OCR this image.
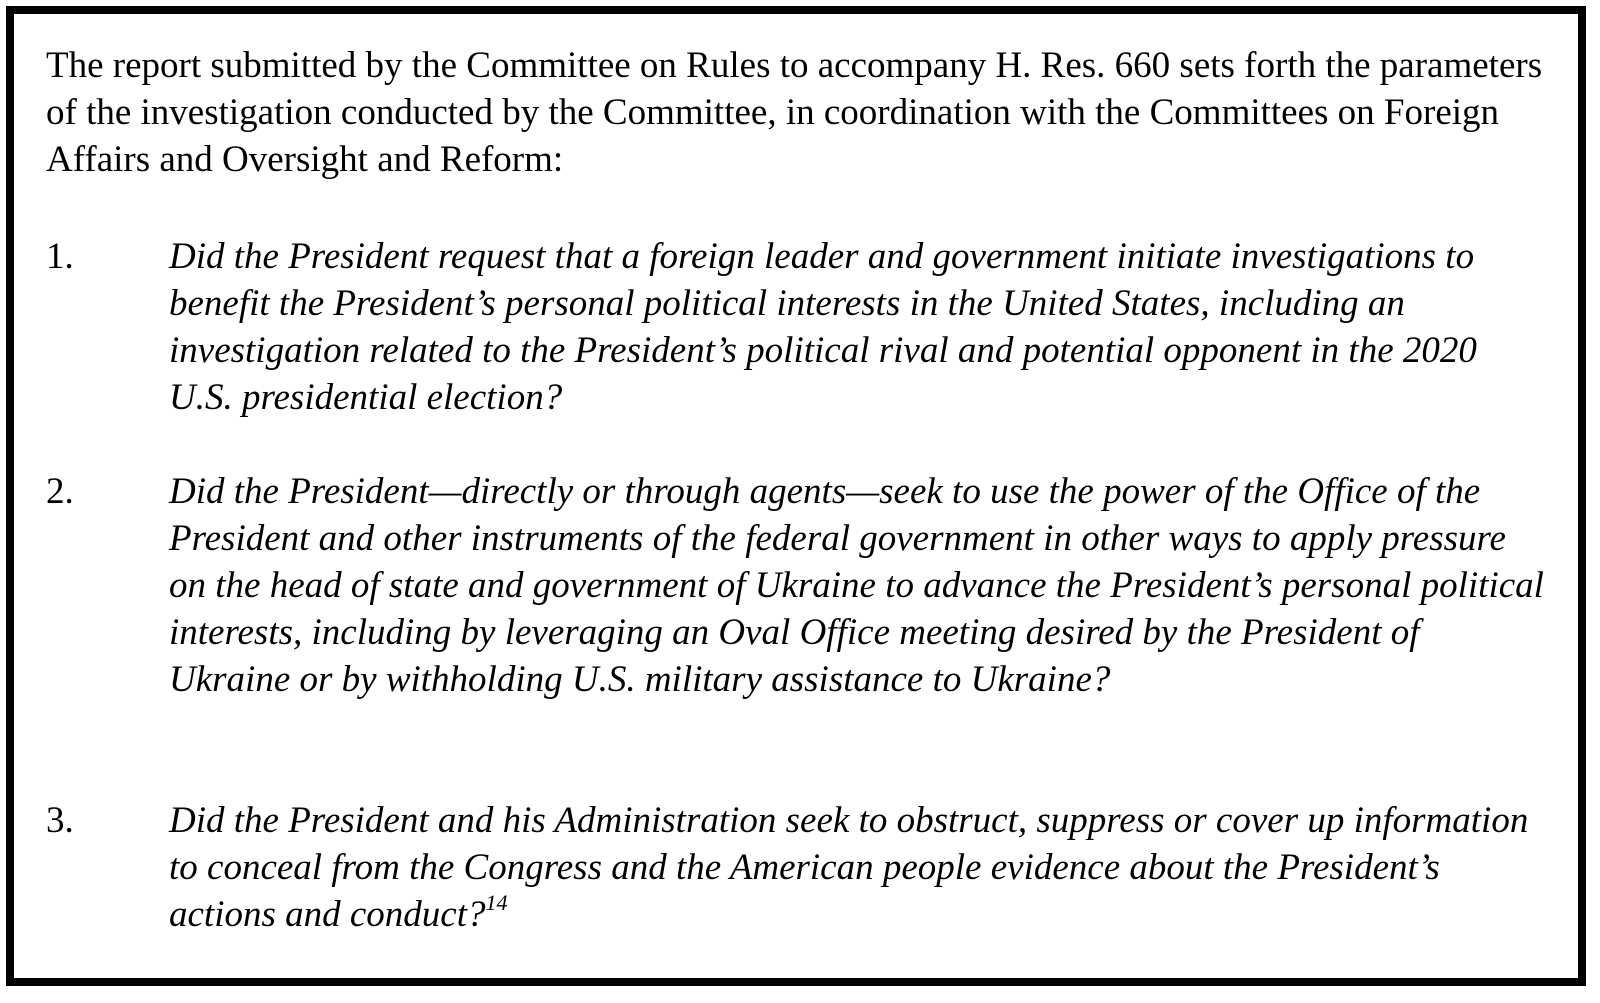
The report submitted by the Committee on Rules to accompany H. Res. 660 sets forth the parameters of the investigation conducted by the Committee, in coordination with the Committees on Foreign Affairs and Oversight and Reform:

1.	Did the President request that a foreign leader and government initiate investigations to benefit the President’s personal political interests in the United States, including an investigation related to the President’s political rival and potential opponent in the 2020 U.S. presidential election?

2.	Did the President—directly or through agents—seek to use the power of the Office of the President and other instruments of the federal government in other ways to apply pressure on the head of state and government of Ukraine to advance the President’s personal political interests, including by leveraging an Oval Office meeting desired by the President of Ukraine or by withholding U.S. military assistance to Ukraine?

3.	Did the President and his Administration seek to obstruct, suppress or cover up information to conceal from the Congress and the American people evidence about the President’s actions and conduct?$^{14}$
